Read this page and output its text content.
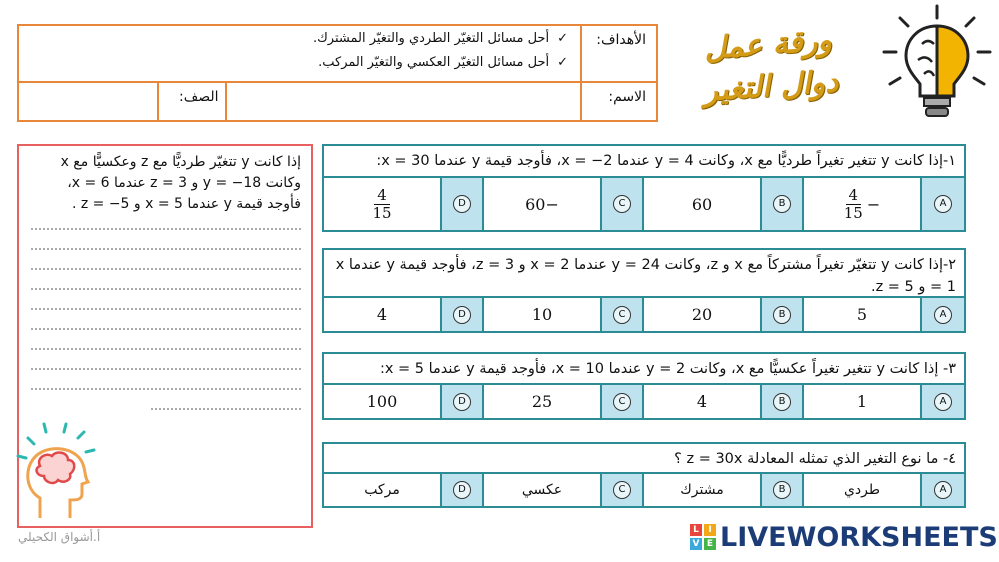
الأهداف:
✓أحل مسائل التغيّر الطردي والتغيّر المشترك.
✓أحل مسائل التغيّر العكسي والتغيّر المركب.
الاسم:
الصف:
ورقة عمل
دوال التغير
إذا كانت y تتغيّر طرديًّا مع z وعكسيًّا مع x
وكانت y = −18 و z = 3 عندما x = 6،
فأوجد قيمة y عندما x = 5 و z = −5 .
أ.أشواق الكحيلي
١-إذا كانت y تتغير تغيراً طرديًّا مع x، وكانت y = 4 عندما x = −2، فأوجد قيمة y عندما x = 30:
A
−
$\frac{4}{15}$
B
60
C
−60
D
$\frac{4}{15}$
٢-إذا كانت y تتغيّر تغيراً مشتركاً مع x و z، وكانت y = 24 عندما x = 2 و z = 3، فأوجد قيمة y عندما x = 1 و z = 5.
A
5
B
20
C
10
D
4
٣- إذا كانت y تتغير تغيراً عكسيًّا مع x، وكانت y = 2 عندما x = 10، فأوجد قيمة y عندما x = 5:
A
1
B
4
C
25
D
100
٤- ما نوع التغير الذي تمثله المعادلة z = 30x ؟
A
طردي
B
مشترك
C
عكسي
D
مركب
L	I
V E LIVEWORKSHEETS
